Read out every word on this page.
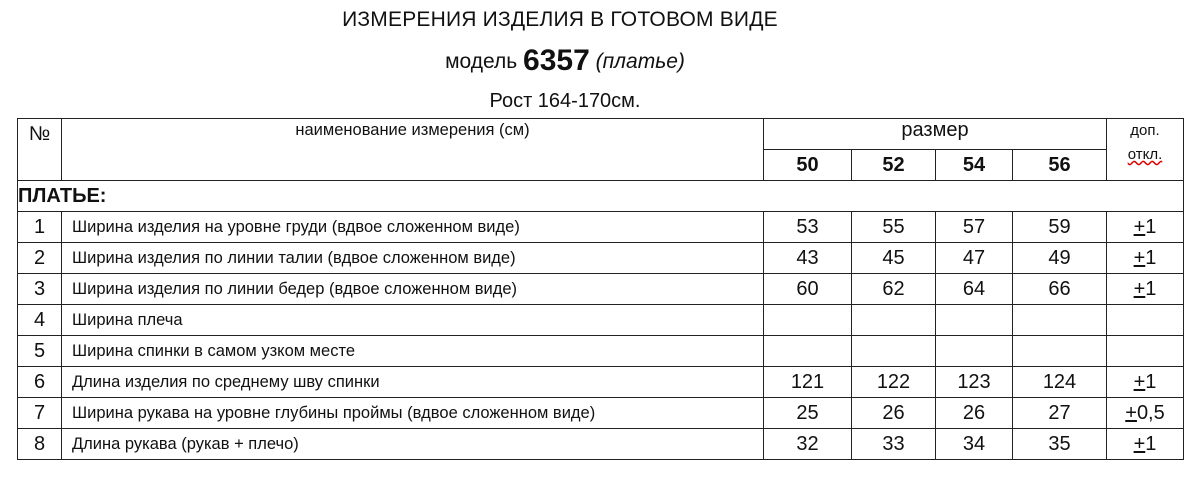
ИЗМЕРЕНИЯ ИЗДЕЛИЯ В ГОТОВОМ ВИДЕ
модель 6357 (платье)
Рост 164-170см.
№	наименование измерения (см)	размер				доп.
откл.

		50	52	54	56	
ПЛАТЬЕ:						
1	Ширина изделия на уровне груди (вдвое сложенном виде)	53	55	57	59	+1
2	Ширина изделия по линии талии (вдвое сложенном виде)	43	45	47	49	+1
3	Ширина изделия по линии бедер (вдвое сложенном виде)	60	62	64	66	+1
4	Ширина плеча					
5	Ширина спинки в самом узком месте					
6	Длина изделия по среднему шву спинки	121	122	123	124	+1
7	Ширина рукава на уровне глубины проймы (вдвое сложенном виде)	25	26	26	27	+0,5
8	Длина рукава (рукав + плечо)	32	33	34	35	+1
